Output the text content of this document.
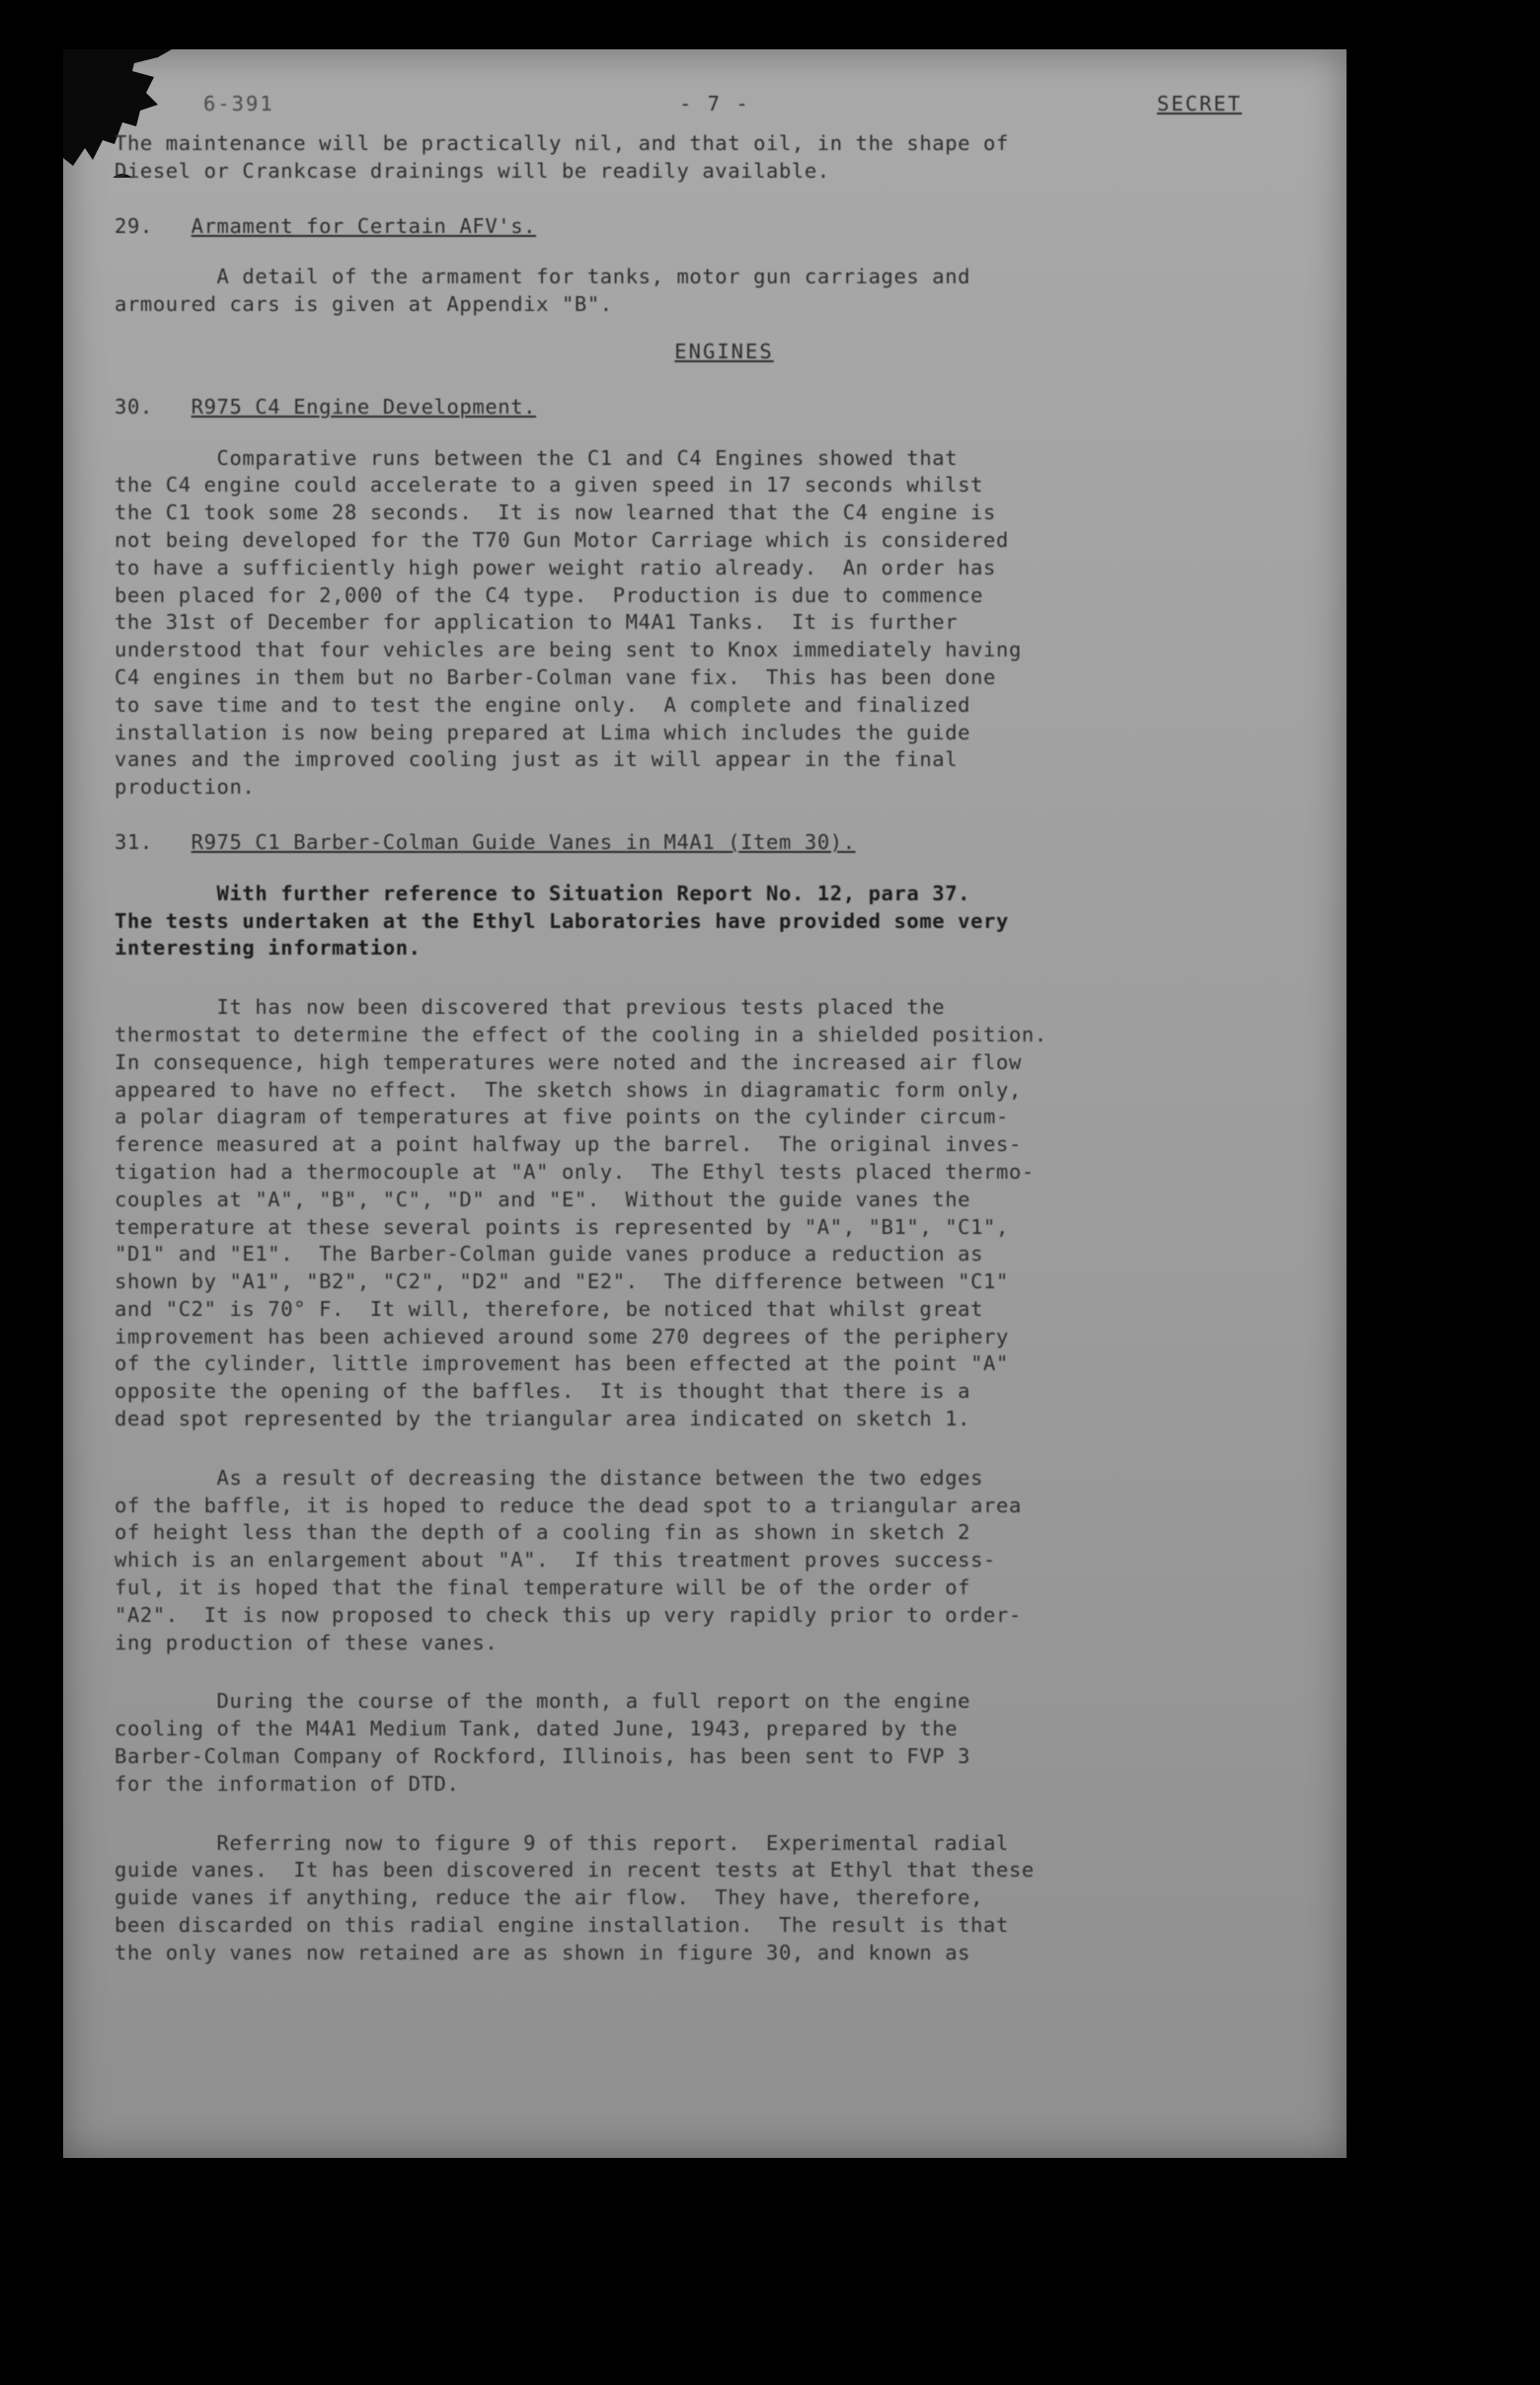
6-391	- 7 -	SECRET

The maintenance will be practically nil, and that oil, in the shape of
Diesel or Crankcase drainings will be readily available.

29. Armament for Certain AFV's.

A detail of the armament for tanks, motor gun carriages and
armoured cars is given at Appendix "B".

ENGINES
30. R975 C4 Engine Development.

Comparative runs between the C1 and C4 Engines showed that
the C4 engine could accelerate to a given speed in 17 seconds whilst
the C1 took some 28 seconds.  It is now learned that the C4 engine is
not being developed for the T70 Gun Motor Carriage which is considered
to have a sufficiently high power weight ratio already.  An order has
been placed for 2,000 of the C4 type.  Production is due to commence
the 31st of December for application to M4A1 Tanks.  It is further
understood that four vehicles are being sent to Knox immediately having
C4 engines in them but no Barber-Colman vane fix.  This has been done
to save time and to test the engine only.  A complete and finalized
installation is now being prepared at Lima which includes the guide
vanes and the improved cooling just as it will appear in the final
production.

31. R975 C1 Barber-Colman Guide Vanes in M4A1 (Item 30).

With further reference to Situation Report No. 12, para 37.
The tests undertaken at the Ethyl Laboratories have provided some very
interesting information.

It has now been discovered that previous tests placed the
thermostat to determine the effect of the cooling in a shielded position.
In consequence, high temperatures were noted and the increased air flow
appeared to have no effect.  The sketch shows in diagramatic form only,
a polar diagram of temperatures at five points on the cylinder circum-
ference measured at a point halfway up the barrel.  The original inves-
tigation had a thermocouple at "A" only.  The Ethyl tests placed thermo-
couples at "A", "B", "C", "D" and "E".  Without the guide vanes the
temperature at these several points is represented by "A", "B1", "C1",
"D1" and "E1".  The Barber-Colman guide vanes produce a reduction as
shown by "A1", "B2", "C2", "D2" and "E2".  The difference between "C1"
and "C2" is 70° F.  It will, therefore, be noticed that whilst great
improvement has been achieved around some 270 degrees of the periphery
of the cylinder, little improvement has been effected at the point "A"
opposite the opening of the baffles.  It is thought that there is a
dead spot represented by the triangular area indicated on sketch 1.

As a result of decreasing the distance between the two edges
of the baffle, it is hoped to reduce the dead spot to a triangular area
of height less than the depth of a cooling fin as shown in sketch 2
which is an enlargement about "A".  If this treatment proves success-
ful, it is hoped that the final temperature will be of the order of
"A2".  It is now proposed to check this up very rapidly prior to order-
ing production of these vanes.

During the course of the month, a full report on the engine
cooling of the M4A1 Medium Tank, dated June, 1943, prepared by the
Barber-Colman Company of Rockford, Illinois, has been sent to FVP 3
for the information of DTD.

Referring now to figure 9 of this report.  Experimental radial
guide vanes.  It has been discovered in recent tests at Ethyl that these
guide vanes if anything, reduce the air flow.  They have, therefore,
been discarded on this radial engine installation.  The result is that
the only vanes now retained are as shown in figure 30, and known as
